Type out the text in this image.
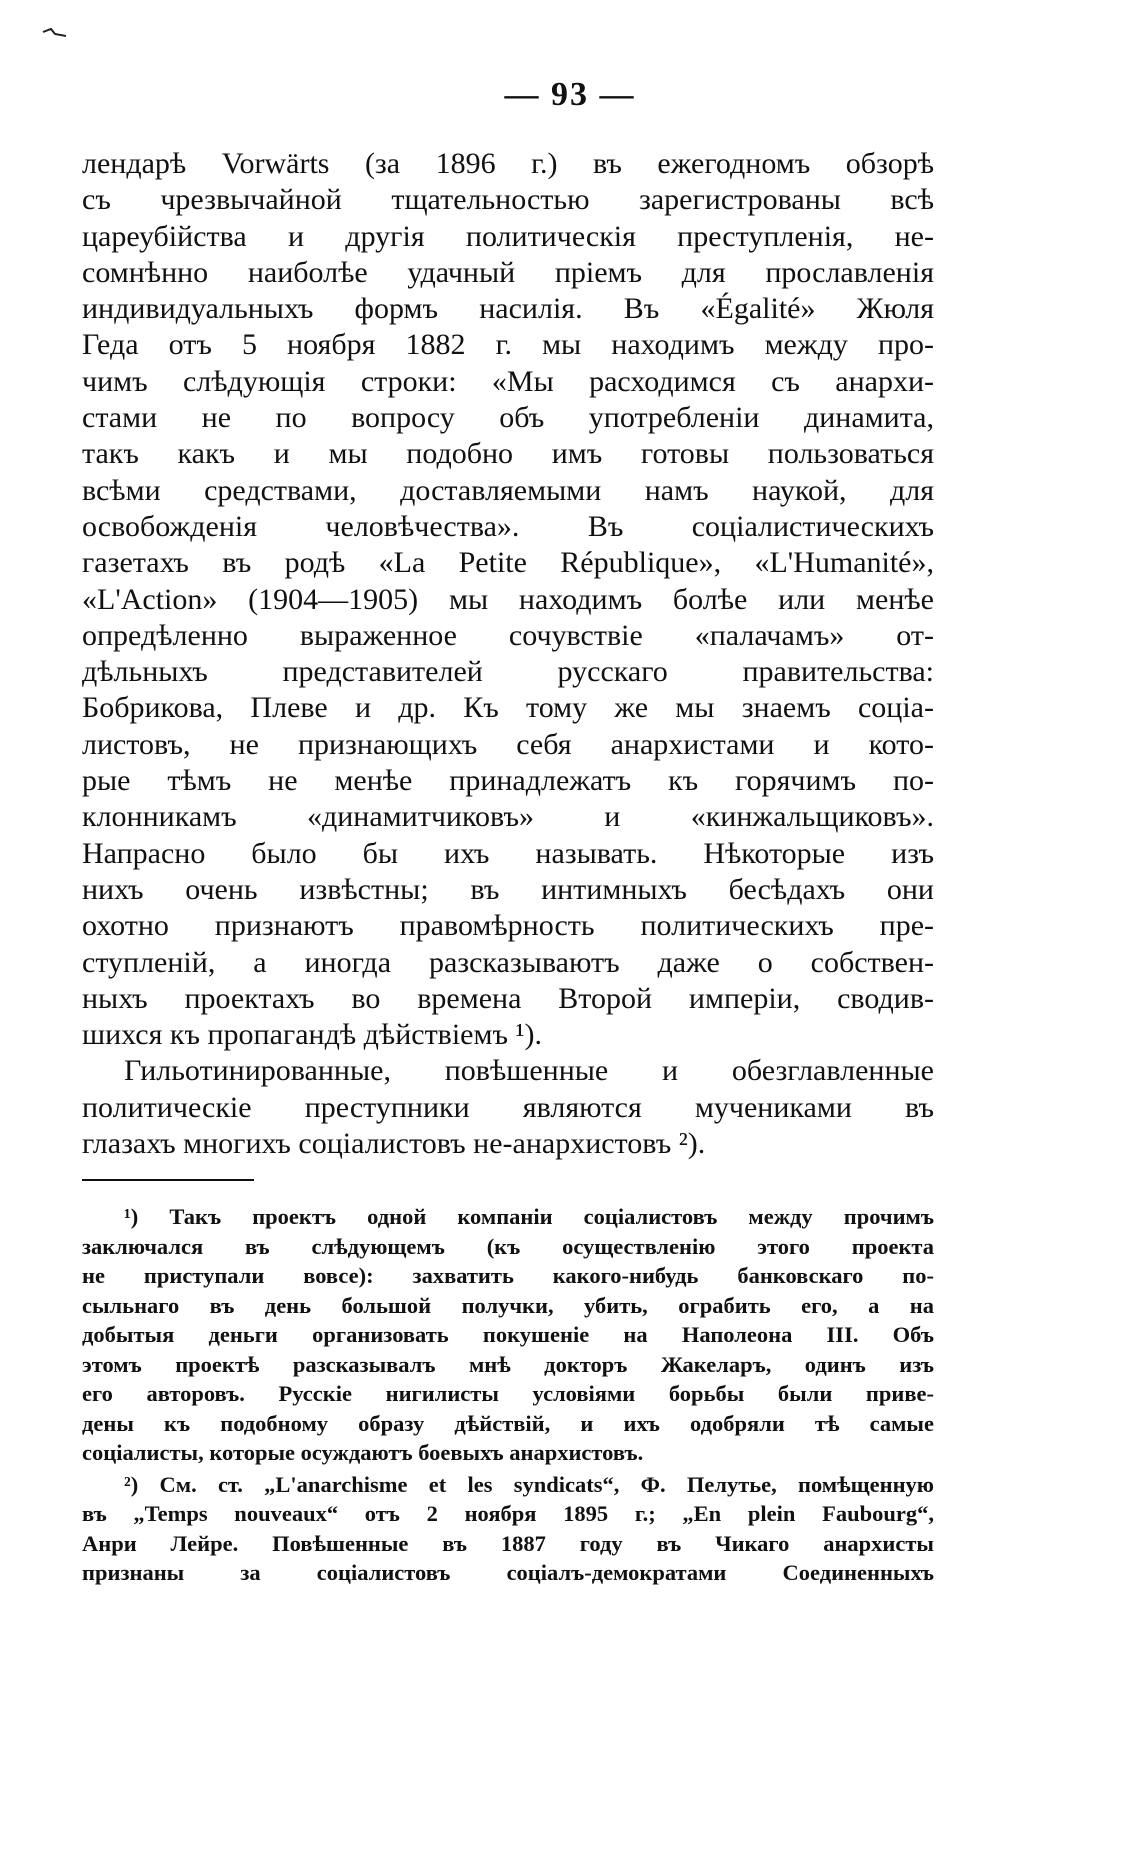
— 93 —
лендарѣ Vorwärts (за 1896 г.) въ ежегодномъ обзорѣ
съ чрезвычайной тщательностью зарегистрованы всѣ
цареубійства и другія политическія преступленія, не-
сомнѣнно наиболѣе удачный пріемъ для прославленія
индивидуальныхъ формъ насилія. Въ «Égalité» Жюля
Геда отъ 5 ноября 1882 г. мы находимъ между про-
чимъ слѣдующія строки: «Мы расходимся съ анархи-
стами не по вопросу объ употребленіи динамита,
такъ какъ и мы подобно имъ готовы пользоваться
всѣми средствами, доставляемыми намъ наукой, для
освобожденія человѣчества». Въ соціалистическихъ
газетахъ въ родѣ «La Petite République», «L'Humanité»,
«L'Action» (1904—1905) мы находимъ болѣе или менѣе
опредѣленно выраженное сочувствіе «палачамъ» от-
дѣльныхъ представителей русскаго правительства:
Бобрикова, Плеве и др. Къ тому же мы знаемъ соціа-
листовъ, не признающихъ себя анархистами и кото-
рые тѣмъ не менѣе принадлежатъ къ горячимъ по-
клонникамъ «динамитчиковъ» и «кинжальщиковъ».
Напрасно было бы ихъ называть. Нѣкоторые изъ
нихъ очень извѣстны; въ интимныхъ бесѣдахъ они
охотно признаютъ правомѣрность политическихъ пре-
ступленій, а иногда разсказываютъ даже о собствен-
ныхъ проектахъ во времена Второй имперіи, сводив-
шихся къ пропагандѣ дѣйствіемъ ¹).
Гильотинированные, повѣшенные и обезглавленные
политическіе преступники являются мучениками въ
глазахъ многихъ соціалистовъ не-анархистовъ ²).
¹) Такъ проектъ одной компаніи соціалистовъ между прочимъ
заключался въ слѣдующемъ (къ осуществленію этого проекта
не приступали вовсе): захватить какого-нибудь банковскаго по-
сыльнаго въ день большой получки, убить, ограбить его, а на
добытыя деньги организовать покушеніе на Наполеона III. Объ
этомъ проектѣ разсказывалъ мнѣ докторъ Жакеларъ, одинъ изъ
его авторовъ. Русскіе нигилисты условіями борьбы были приве-
дены къ подобному образу дѣйствій, и ихъ одобряли тѣ самые
соціалисты, которые осуждаютъ боевыхъ анархистовъ.
²) См. ст. „L'anarchisme et les syndicats“, Ф. Пелутье, помѣщенную
въ „Temps nouveaux“ отъ 2 ноября 1895 г.; „En plein Faubourg“,
Анри Лейре. Повѣшенные въ 1887 году въ Чикаго анархисты
признаны за соціалистовъ соціалъ-демократами Соединенныхъ
